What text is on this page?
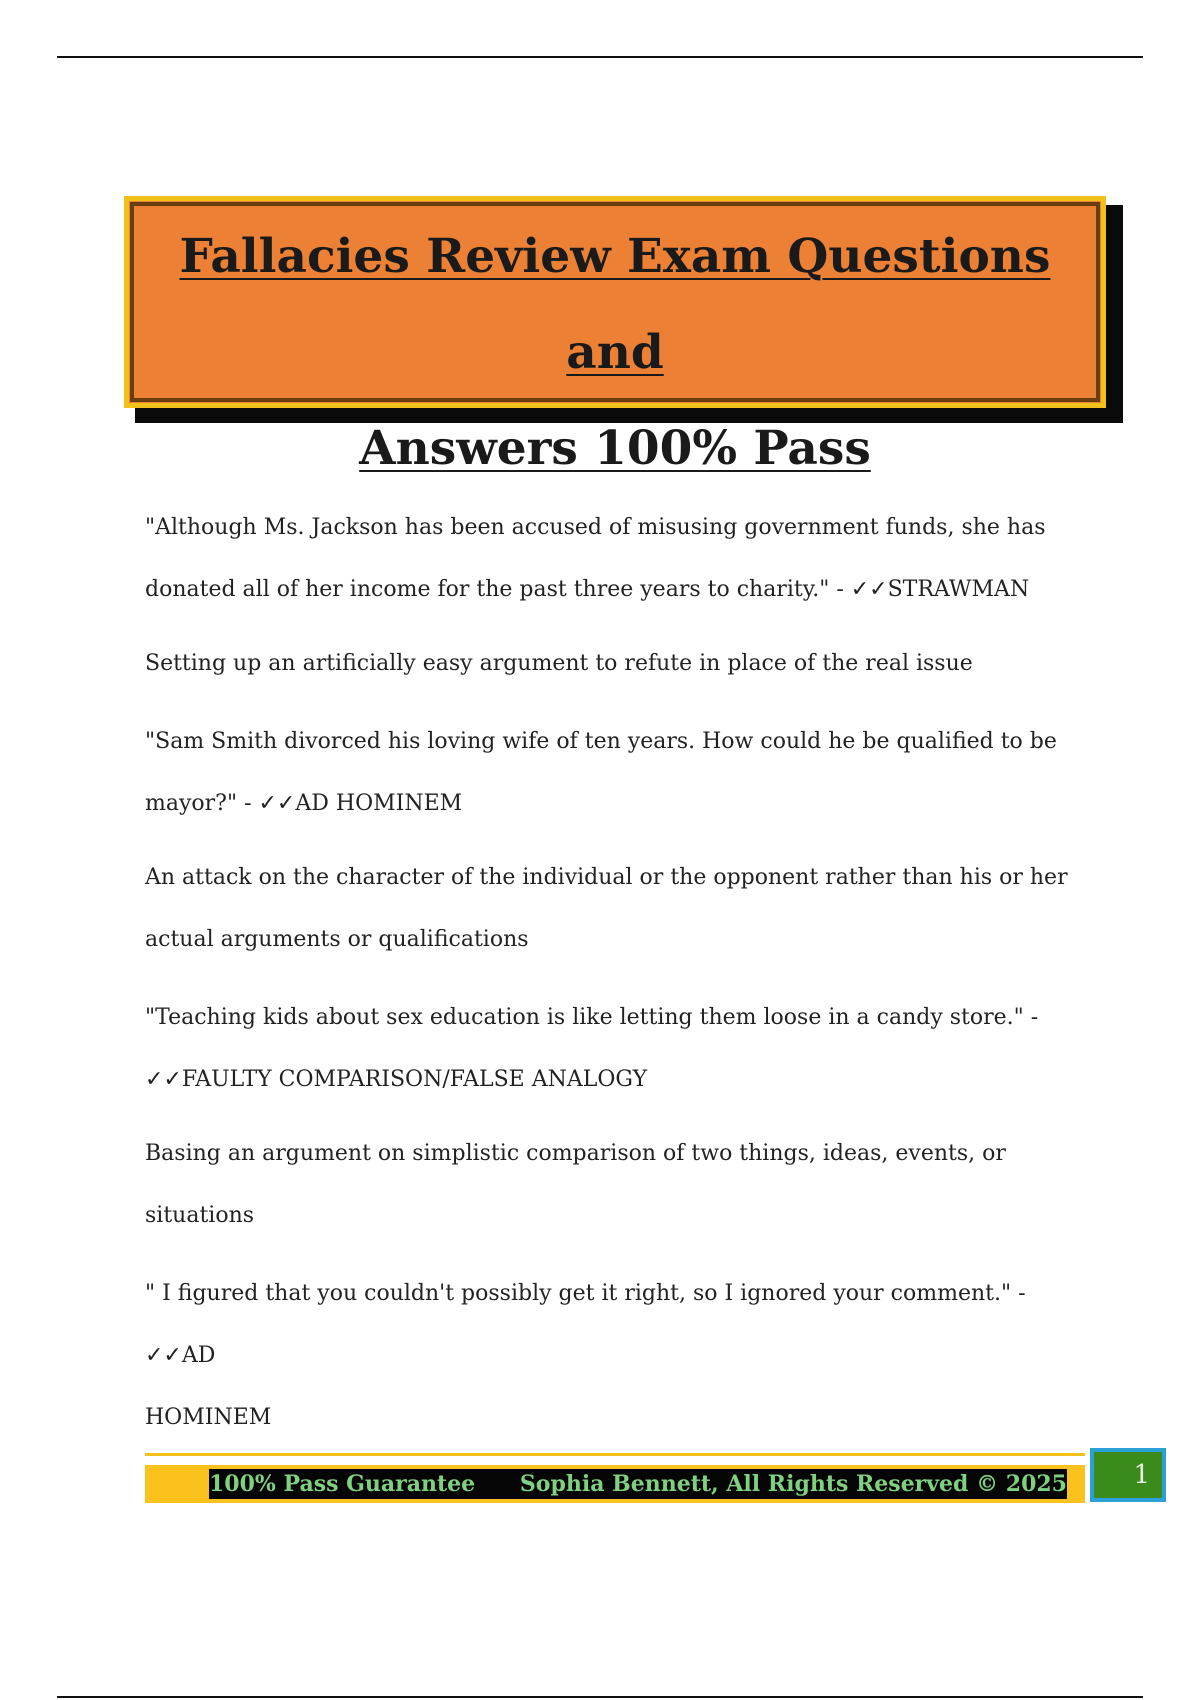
Fallacies Review Exam Questions and
Answers 100% Pass
"Although Ms. Jackson has been accused of misusing government funds, she has
donated all of her income for the past three years to charity." - ✓✓STRAWMAN
Setting up an artificially easy argument to refute in place of the real issue
"Sam Smith divorced his loving wife of ten years. How could he be qualified to be
mayor?" - ✓✓AD HOMINEM
An attack on the character of the individual or the opponent rather than his or her
actual arguments or qualifications
"Teaching kids about sex education is like letting them loose in a candy store." -
✓✓FAULTY COMPARISON/FALSE ANALOGY
Basing an argument on simplistic comparison of two things, ideas, events, or situations
" I figured that you couldn't possibly get it right, so I ignored your comment." - ✓✓AD
HOMINEM
100% Pass Guarantee Sophia Bennett, All Rights Reserved © 2025	1
